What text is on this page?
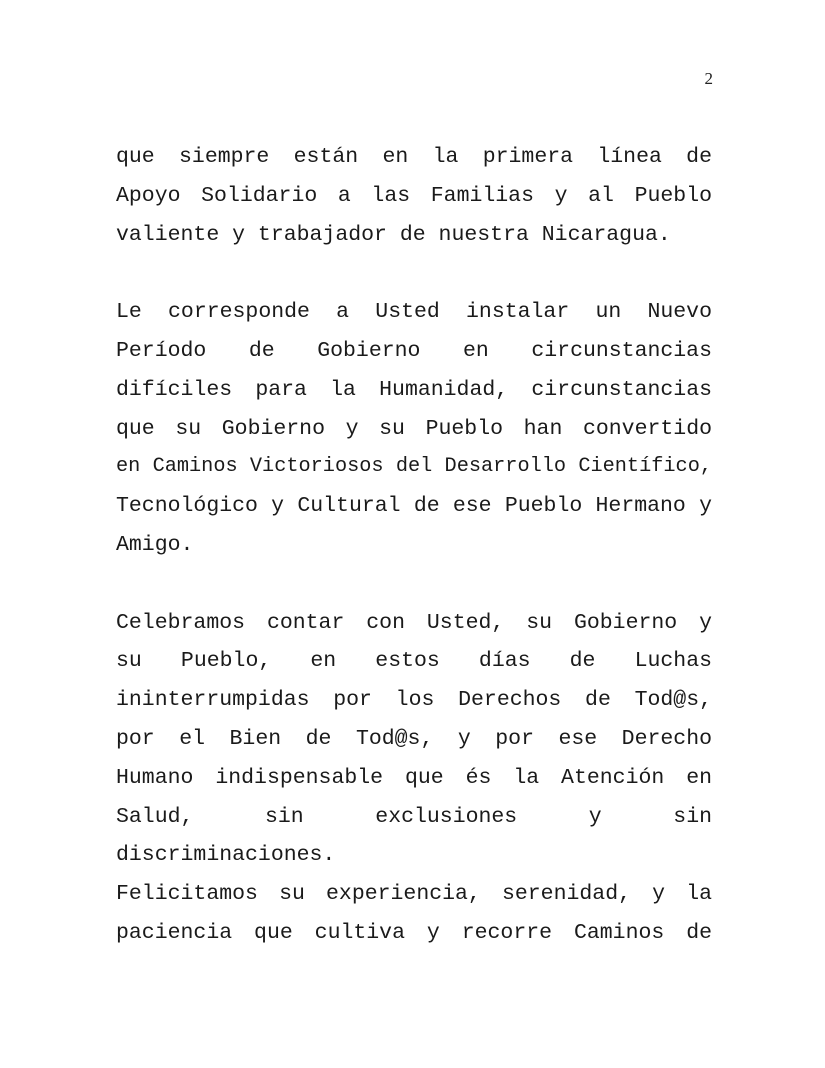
2
que siempre están en la primera línea de
Apoyo Solidario a las Familias y al Pueblo
valiente y trabajador de nuestra Nicaragua.
Le corresponde a Usted instalar un Nuevo
Período de Gobierno en circunstancias
difíciles para la Humanidad, circunstancias
que su Gobierno y su Pueblo han convertido
en Caminos Victoriosos del Desarrollo Científico,
Tecnológico y Cultural de ese Pueblo Hermano y
Amigo.
Celebramos contar con Usted, su Gobierno y
su Pueblo, en estos días de Luchas
ininterrumpidas por los Derechos de Tod@s,
por el Bien de Tod@s, y por ese Derecho
Humano indispensable que és la Atención en
Salud, sin exclusiones y sin
discriminaciones.
Felicitamos su experiencia, serenidad, y la
paciencia que cultiva y recorre Caminos de
